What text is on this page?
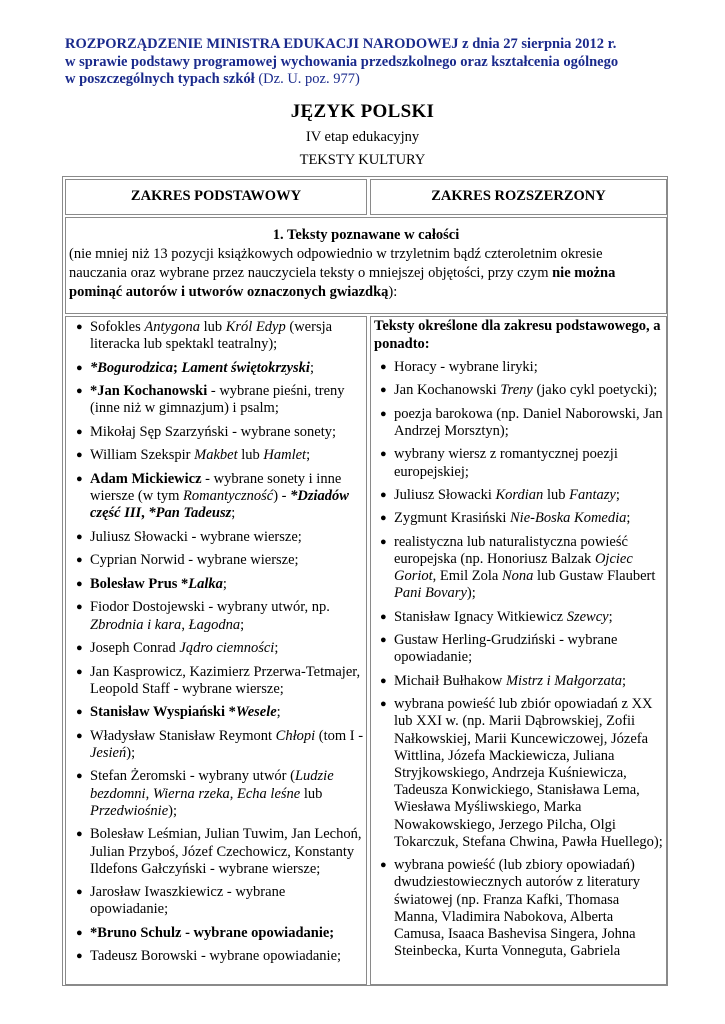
ROZPORZĄDZENIE MINISTRA EDUKACJI NARODOWEJ z dnia 27 sierpnia 2012 r.
w sprawie podstawy programowej wychowania przedszkolnego oraz kształcenia ogólnego
w poszczególnych typach szkół (Dz. U. poz. 977)
JĘZYK POLSKI
IV etap edukacyjny
TEKSTY KULTURY
ZAKRES PODSTAWOWY	ZAKRES ROZSZERZONY
1. Teksty poznawane w całości
(nie mniej niż 13 pozycji książkowych odpowiednio w trzyletnim bądź czteroletnim okresie nauczania oraz wybrane przez nauczyciela teksty o mniejszej objętości, przy czym nie można pominąć autorów i utworów oznaczonych gwiazdką):
● Sofokles Antygona lub Król Edyp (wersja literacka lub spektakl teatralny);
● *Bogurodzica; Lament świętokrzyski;
● *Jan Kochanowski - wybrane pieśni, treny (inne niż w gimnazjum) i psalm;
● Mikołaj Sęp Szarzyński - wybrane sonety;
● William Szekspir Makbet lub Hamlet;
● Adam Mickiewicz - wybrane sonety i inne wiersze (w tym Romantyczność) - *Dziadów część III, *Pan Tadeusz;
● Juliusz Słowacki - wybrane wiersze;
● Cyprian Norwid - wybrane wiersze;
● Bolesław Prus *Lalka;
● Fiodor Dostojewski - wybrany utwór, np. Zbrodnia i kara, Łagodna;
● Joseph Conrad Jądro ciemności;
● Jan Kasprowicz, Kazimierz Przerwa-Tetmajer, Leopold Staff - wybrane wiersze;
● Stanisław Wyspiański *Wesele;
● Władysław Stanisław Reymont Chłopi (tom I - Jesień);
● Stefan Żeromski - wybrany utwór (Ludzie bezdomni, Wierna rzeka, Echa leśne lub Przedwiośnie);
● Bolesław Leśmian, Julian Tuwim, Jan Lechoń, Julian Przyboś, Józef Czechowicz, Konstanty Ildefons Gałczyński - wybrane wiersze;
● Jarosław Iwaszkiewicz - wybrane opowiadanie;
● *Bruno Schulz - wybrane opowiadanie;
● Tadeusz Borowski - wybrane opowiadanie;
Teksty określone dla zakresu podstawowego, a ponadto:
● Horacy - wybrane liryki;
● Jan Kochanowski Treny (jako cykl poetycki);
● poezja barokowa (np. Daniel Naborowski, Jan Andrzej Morsztyn);
● wybrany wiersz z romantycznej poezji europejskiej;
● Juliusz Słowacki Kordian lub Fantazy;
● Zygmunt Krasiński Nie-Boska Komedia;
● realistyczna lub naturalistyczna powieść europejska (np. Honoriusz Balzak Ojciec Goriot, Emil Zola Nona lub Gustaw Flaubert Pani Bovary);
● Stanisław Ignacy Witkiewicz Szewcy;
● Gustaw Herling-Grudziński - wybrane opowiadanie;
● Michaił Bułhakow Mistrz i Małgorzata;
● wybrana powieść lub zbiór opowiadań z XX lub XXI w. (np. Marii Dąbrowskiej, Zofii Nałkowskiej, Marii Kuncewiczowej, Józefa Wittlina, Józefa Mackiewicza, Juliana Stryjkowskiego, Andrzeja Kuśniewicza, Tadeusza Konwickiego, Stanisława Lema, Wiesława Myśliwskiego, Marka Nowakowskiego, Jerzego Pilcha, Olgi Tokarczuk, Stefana Chwina, Pawła Huellego);
● wybrana powieść (lub zbiory opowiadań) dwudziestowiecznych autorów z literatury światowej (np. Franza Kafki, Thomasa Manna, Vladimira Nabokova, Alberta Camusa, Isaaca Bashevisa Singera, Johna Steinbecka, Kurta Vonneguta, Gabriela
